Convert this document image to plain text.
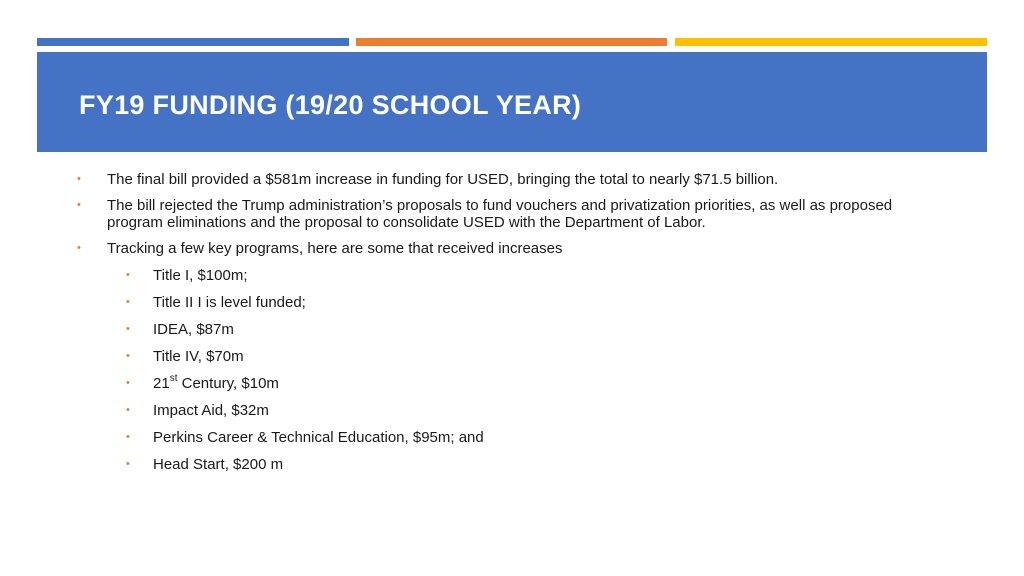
FY19 FUNDING (19/20 SCHOOL YEAR)
• The final bill provided a $581m increase in funding for USED, bringing the total to nearly $71.5 billion.
• The bill rejected the Trump administration’s proposals to fund vouchers and privatization priorities, as well as proposed program eliminations and the proposal to consolidate USED with the Department of Labor.
• Tracking a few key programs, here are some that received increases
• Title I, $100m;
• Title II I is level funded;
• IDEA, $87m
• Title IV, $70m
• 21st Century, $10m
• Impact Aid, $32m
• Perkins Career & Technical Education, $95m; and
• Head Start, $200 m
